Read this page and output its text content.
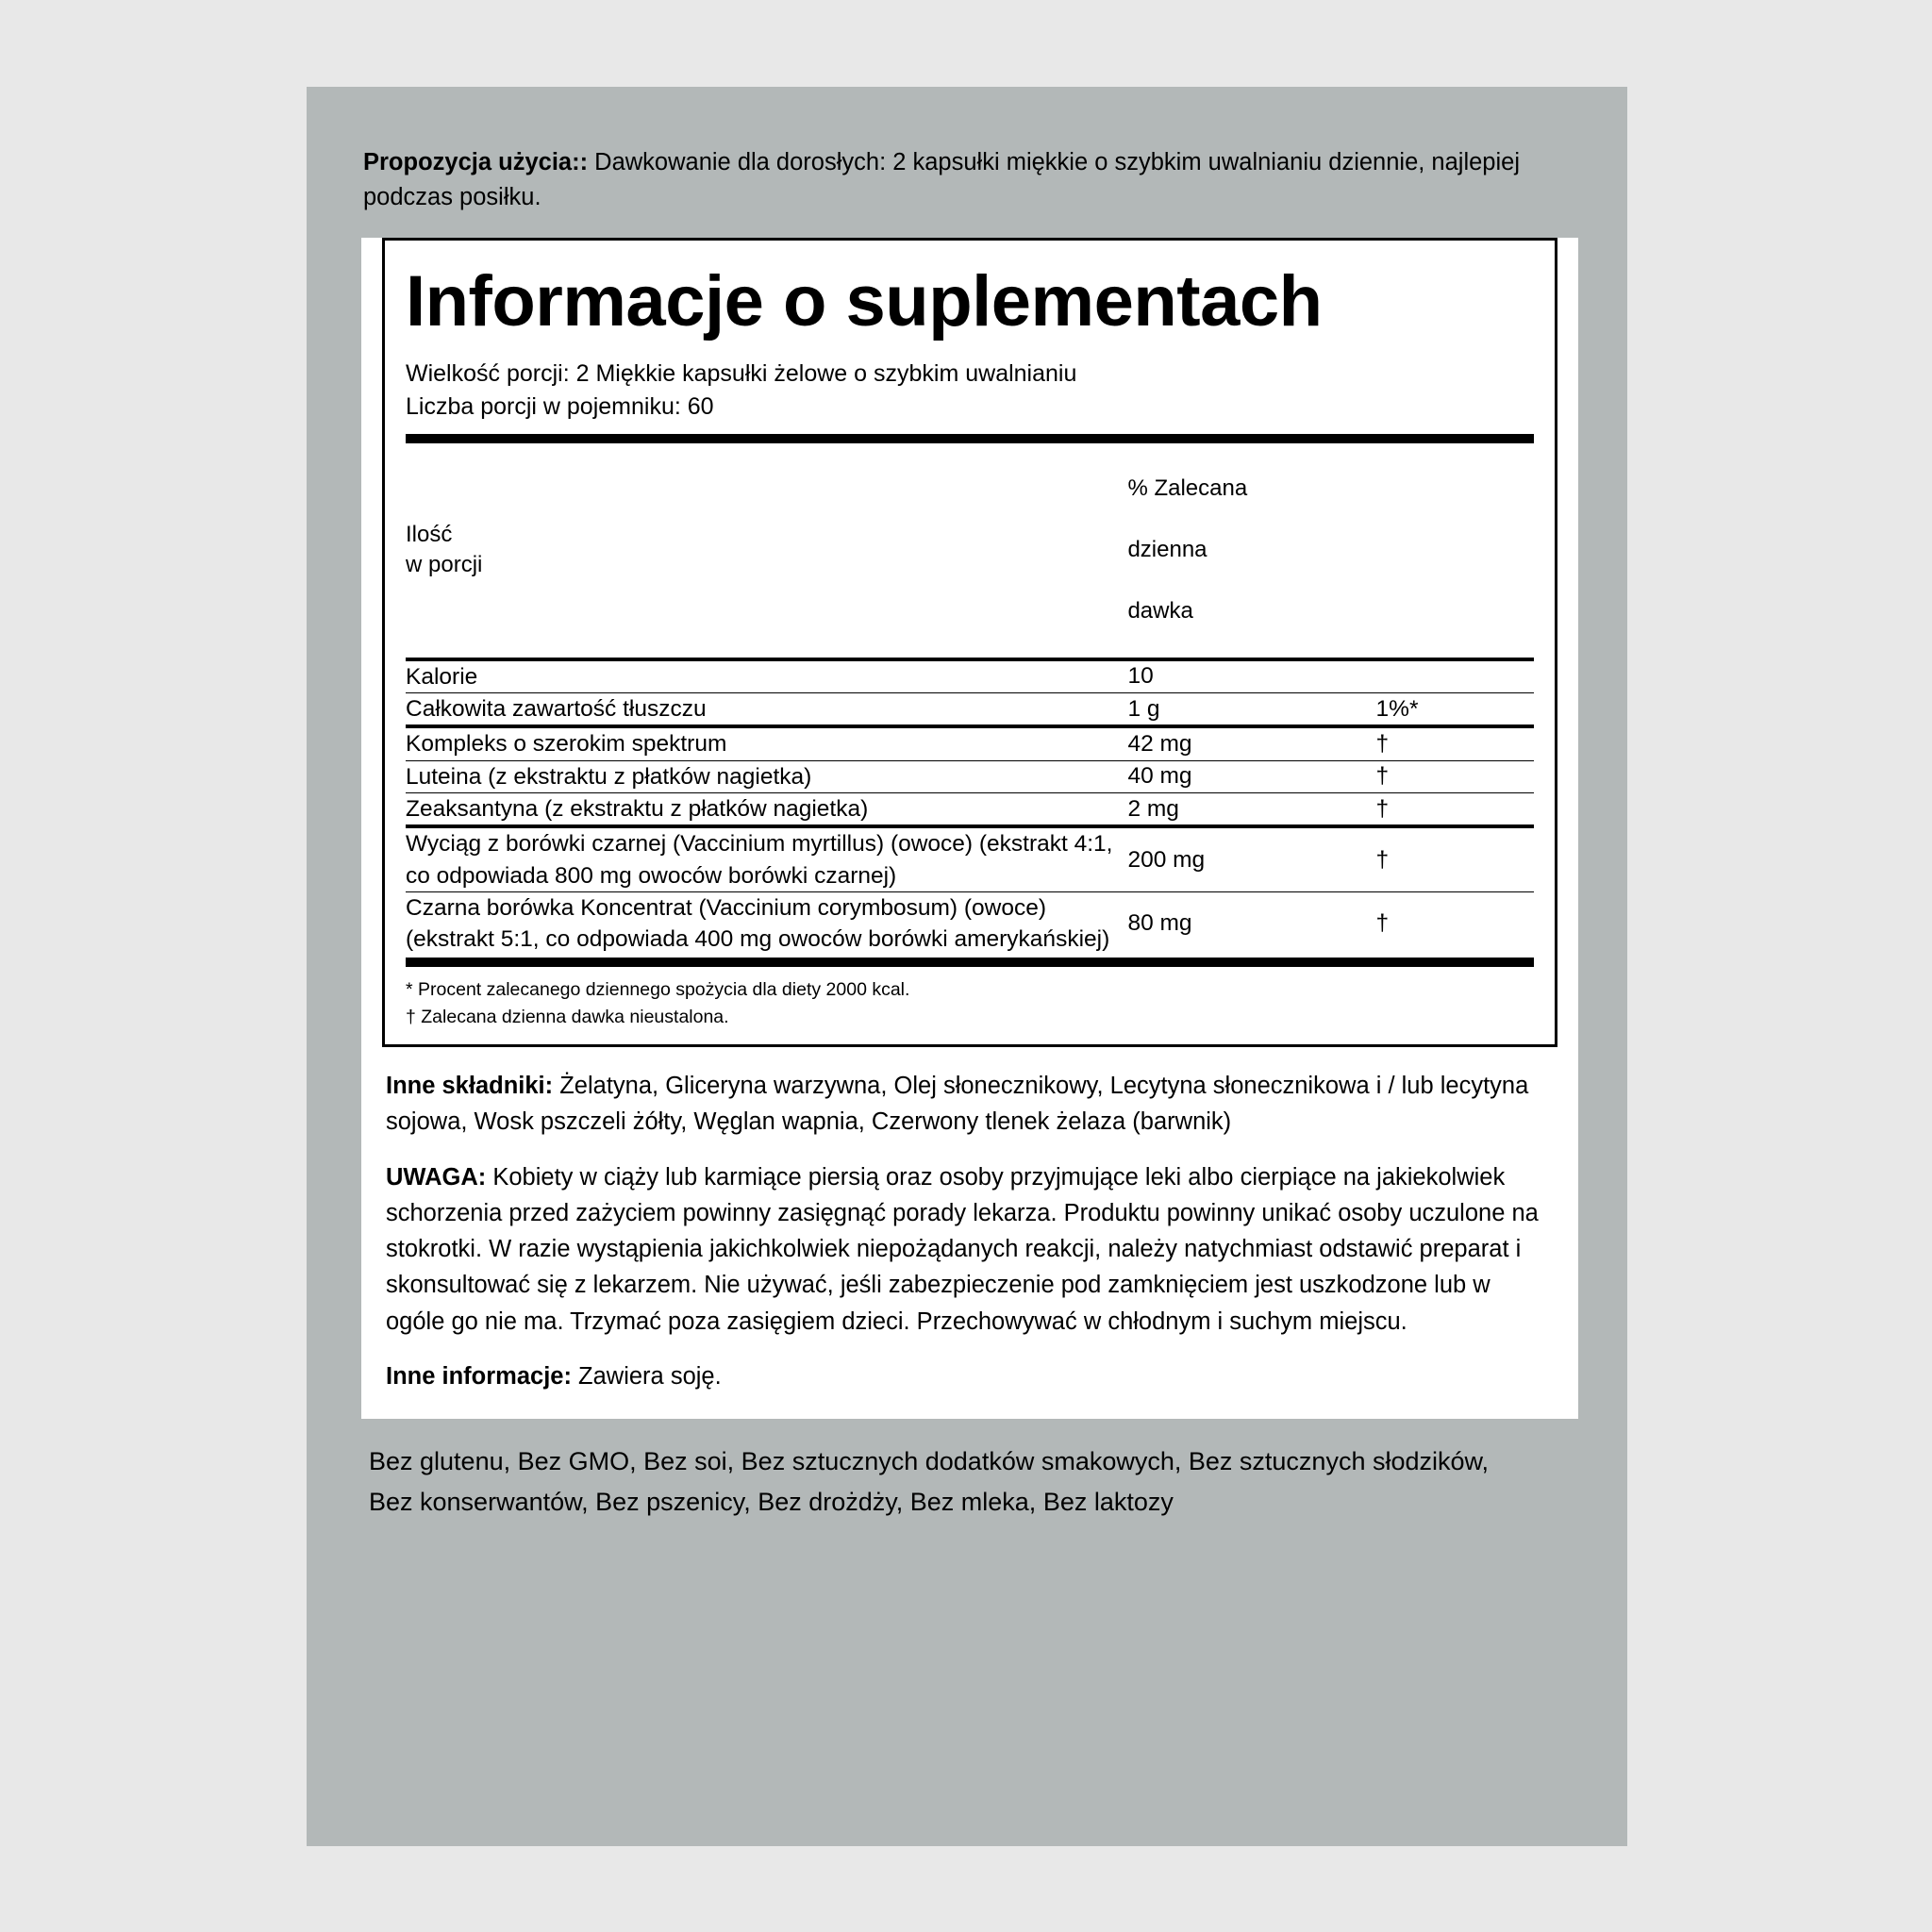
Propozycja użycia:: Dawkowanie dla dorosłych: 2 kapsułki miękkie o szybkim uwalnianiu dziennie, najlepiej podczas posiłku.
Informacje o suplementach
Wielkość porcji: 2 Miękkie kapsułki żelowe o szybkim uwalnianiu
Liczba porcji w pojemniku: 60
Ilość
w porcji

% Zalecana

dzienna

dawka

Kalorie	10	
Całkowita zawartość tłuszczu	1 g	1%*
Kompleks o szerokim spektrum	42 mg	†
Luteina (z ekstraktu z płatków nagietka)	40 mg	†
Zeaksantyna (z ekstraktu z płatków nagietka)	2 mg	†
Wyciąg z borówki czarnej (Vaccinium myrtillus) (owoce) (ekstrakt 4:1, co odpowiada 800 mg owoców borówki czarnej)	200 mg	†
Czarna borówka Koncentrat (Vaccinium corymbosum) (owoce) (ekstrakt 5:1, co odpowiada 400 mg owoców borówki amerykańskiej)	80 mg	†
* Procent zalecanego dziennego spożycia dla diety 2000 kcal.
† Zalecana dzienna dawka nieustalona.

Inne składniki: Żelatyna, Gliceryna warzywna, Olej słonecznikowy, Lecytyna słonecznikowa i / lub lecytyna sojowa, Wosk pszczeli żółty, Węglan wapnia, Czerwony tlenek żelaza (barwnik)

UWAGA: Kobiety w ciąży lub karmiące piersią oraz osoby przyjmujące leki albo cierpiące na jakiekolwiek schorzenia przed zażyciem powinny zasięgnąć porady lekarza. Produktu powinny unikać osoby uczulone na stokrotki. W razie wystąpienia jakichkolwiek niepożądanych reakcji, należy natychmiast odstawić preparat i skonsultować się z lekarzem. Nie używać, jeśli zabezpieczenie pod zamknięciem jest uszkodzone lub w ogóle go nie ma. Trzymać poza zasięgiem dzieci. Przechowywać w chłodnym i suchym miejscu.

Inne informacje: Zawiera soję.

Bez glutenu, Bez GMO, Bez soi, Bez sztucznych dodatków smakowych, Bez sztucznych słodzików,
Bez konserwantów, Bez pszenicy, Bez drożdży, Bez mleka, Bez laktozy
